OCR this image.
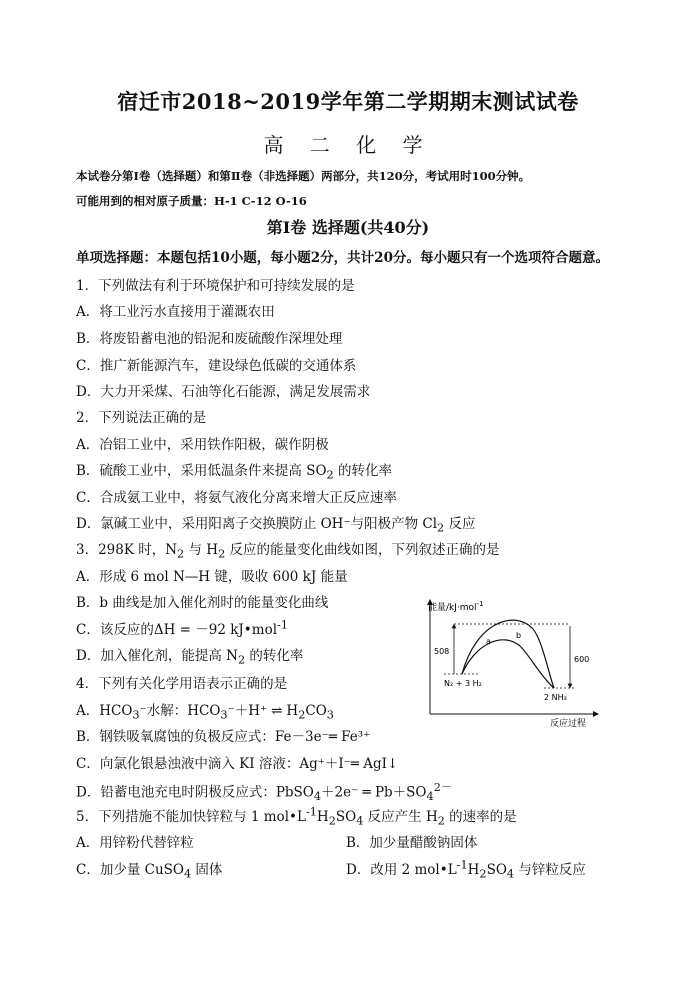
宿迁市2018~2019学年第二学期期末测试试卷
高 二 化 学
本试卷分第Ⅰ卷（选择题）和第Ⅱ卷（非选择题）两部分，共120分，考试用时100分钟。
可能用到的相对原子质量：H-1 C-12 O-16
第Ⅰ卷 选择题(共40分)
单项选择题：本题包括10小题，每小题2分，共计20分。每小题只有一个选项符合题意。
1．下列做法有利于环境保护和可持续发展的是
A．将工业污水直接用于灌溉农田
B．将废铅蓄电池的铅泥和废硫酸作深埋处理
C．推广新能源汽车，建设绿色低碳的交通体系
D．大力开采煤、石油等化石能源，满足发展需求
2．下列说法正确的是
A．冶铝工业中，采用铁作阳极，碳作阴极
B．硫酸工业中，采用低温条件来提高 $SO_2$ 的转化率
C．合成氨工业中，将氨气液化分离来增大正反应速率
D．氯碱工业中，采用阳离子交换膜防止 OH⁻与阳极产物 $Cl_2$ 反应
3．298K 时，$N_2$ 与 $H_2$ 反应的能量变化曲线如图，下列叙述正确的是
A．形成 6 mol N—H 键，吸收 600 kJ 能量
B．b 曲线是加入催化剂时的能量变化曲线
C．该反应的ΔH = －92 kJ•mol$^{-1}$
D．加入催化剂，能提高 $N_2$ 的转化率
能量/kJ·mol$^{-1}$
反应过程
508
600
a
b
N₂ + 3 H₂
2 NH₃
4．下列有关化学用语表示正确的是
A．$HCO_3^-$水解：$HCO_3^-+H^+$ ⇌ $H_2CO_3$
B．钢铁吸氧腐蚀的负极反应式：Fe－3e⁻═ Fe³⁺
C．向氯化银悬浊液中滴入 KI 溶液：Ag⁺＋I⁻═ AgI↓
D．铅蓄电池充电时阴极反应式：PbSO$_4$＋2e⁻ ═ $Pb+SO_4^{2-}$
5．下列措施不能加快锌粒与 1 $mol•L^{-1}H_2SO_4$ 反应产生 $H_2$ 的速率的是
A．用锌粉代替锌粒	B．加少量醋酸钠固体
C．加少量 CuSO$_4$ 固体	D．改用 2 $mol•L^{-1}H_2SO_4$ 与锌粒反应
